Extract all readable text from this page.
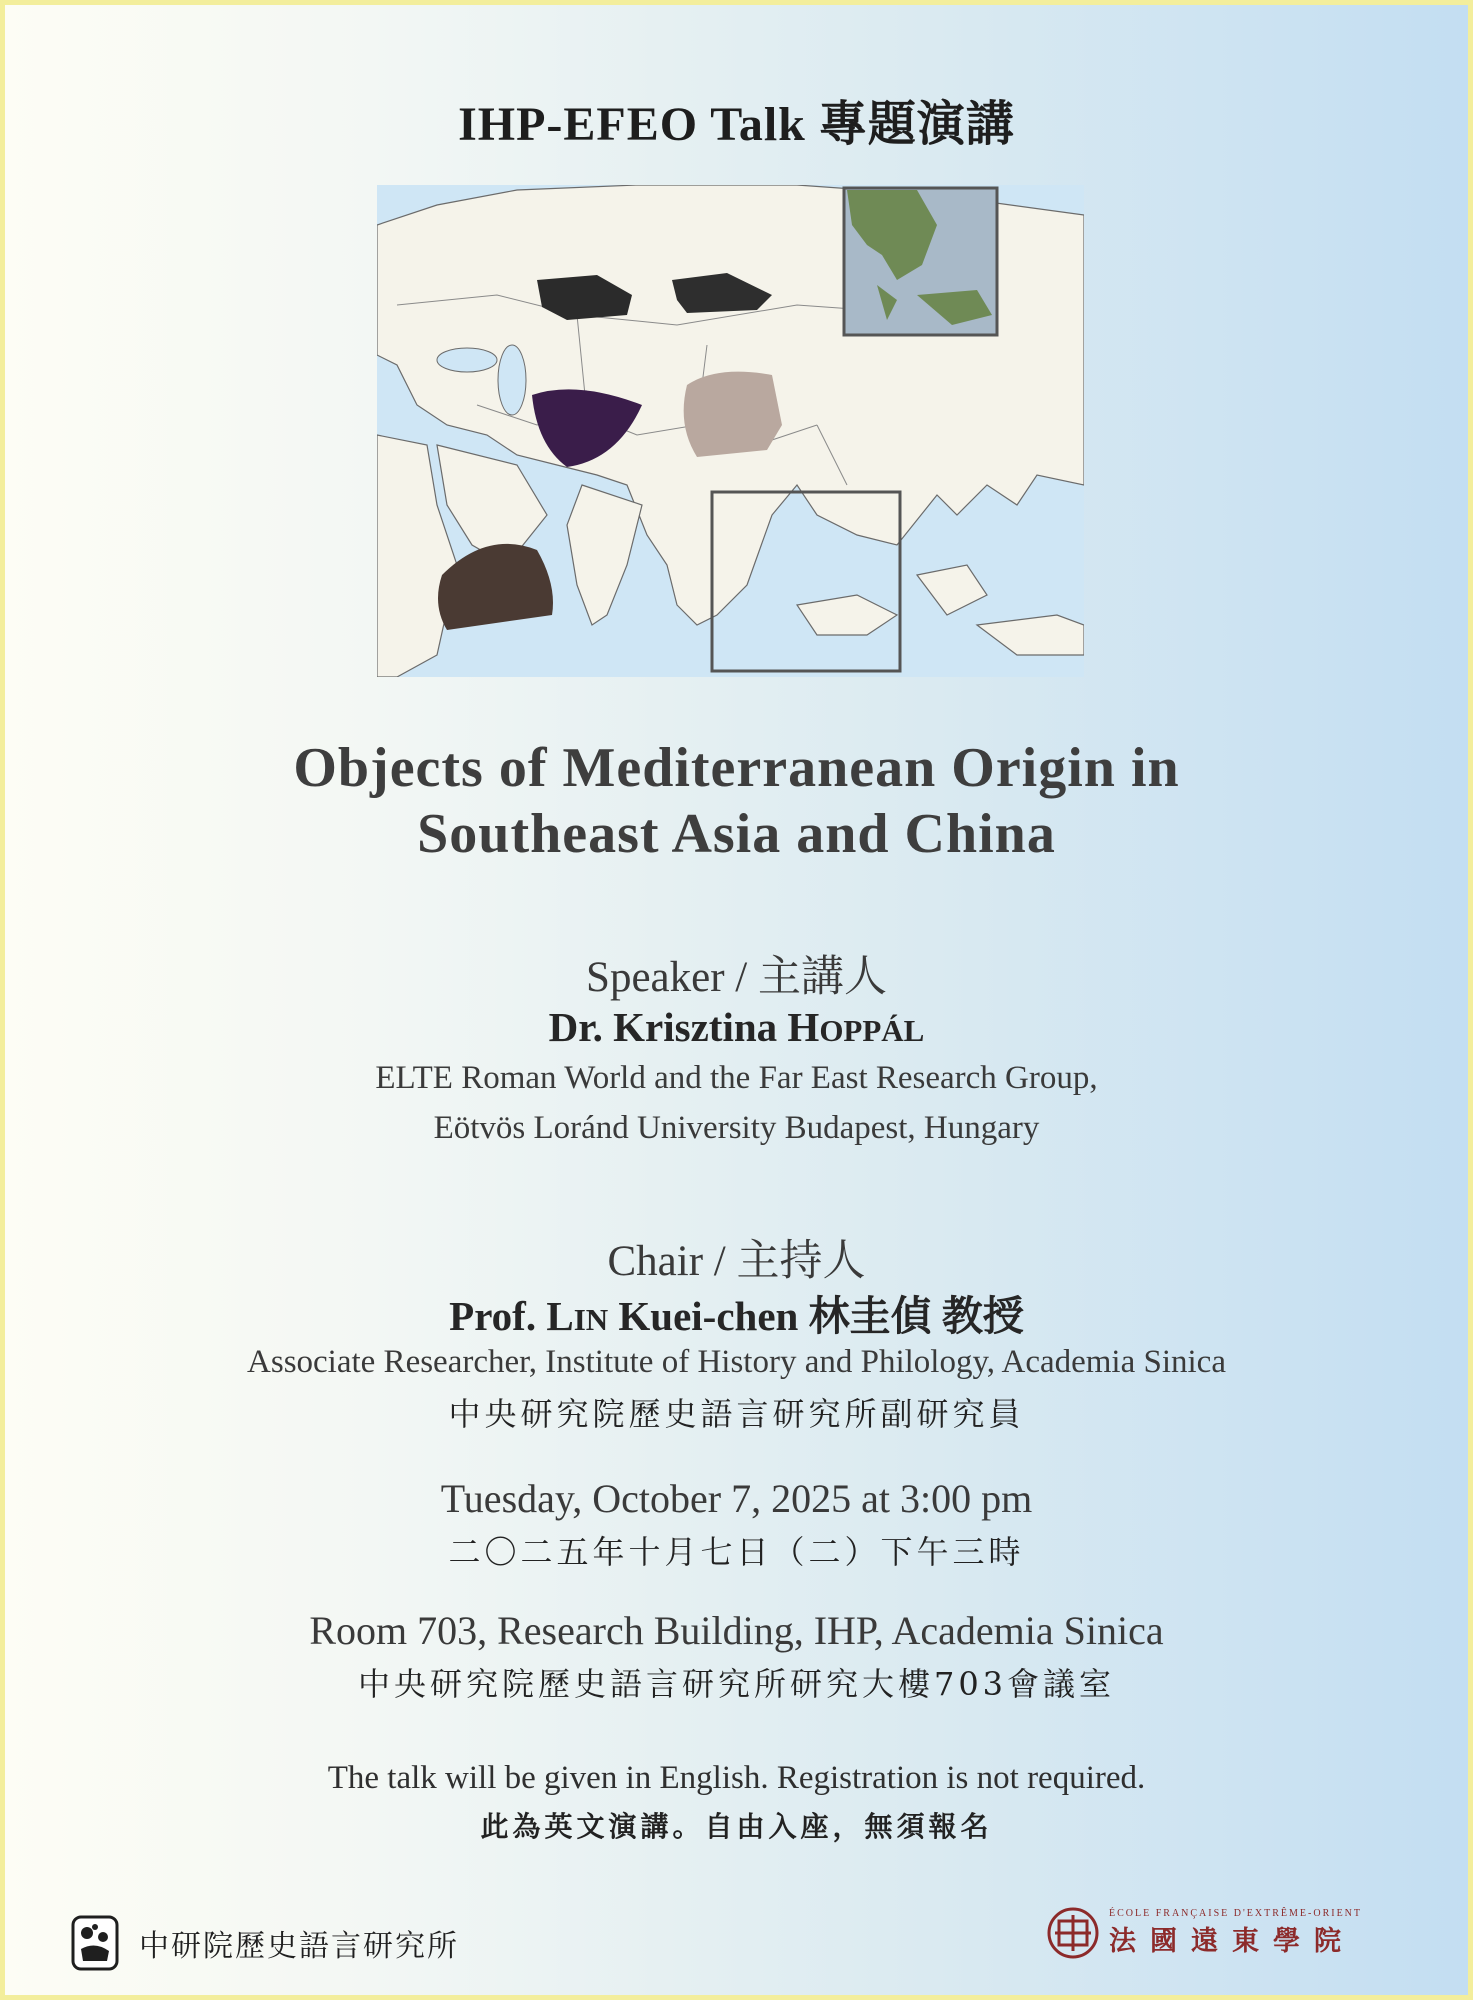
IHP-EFEO Talk 專題演講
Objects of Mediterranean Origin in
Southeast Asia and China
Speaker / 主講人
Dr. Krisztina HOPPÁL
ELTE Roman World and the Far East Research Group,
Eötvös Loránd University Budapest, Hungary
Chair / 主持人
Prof. LIN Kuei-chen 林圭偵 教授
Associate Researcher, Institute of History and Philology, Academia Sinica
中央研究院歷史語言研究所副研究員
Tuesday, October 7, 2025 at 3:00 pm
二〇二五年十月七日（二）下午三時
Room 703, Research Building, IHP, Academia Sinica
中央研究院歷史語言研究所研究大樓703會議室
The talk will be given in English. Registration is not required.
此為英文演講。自由入座，無須報名
中研院歷史語言研究所
ÉCOLE FRANÇAISE D'EXTRÊME-ORIENT
法國遠東學院
